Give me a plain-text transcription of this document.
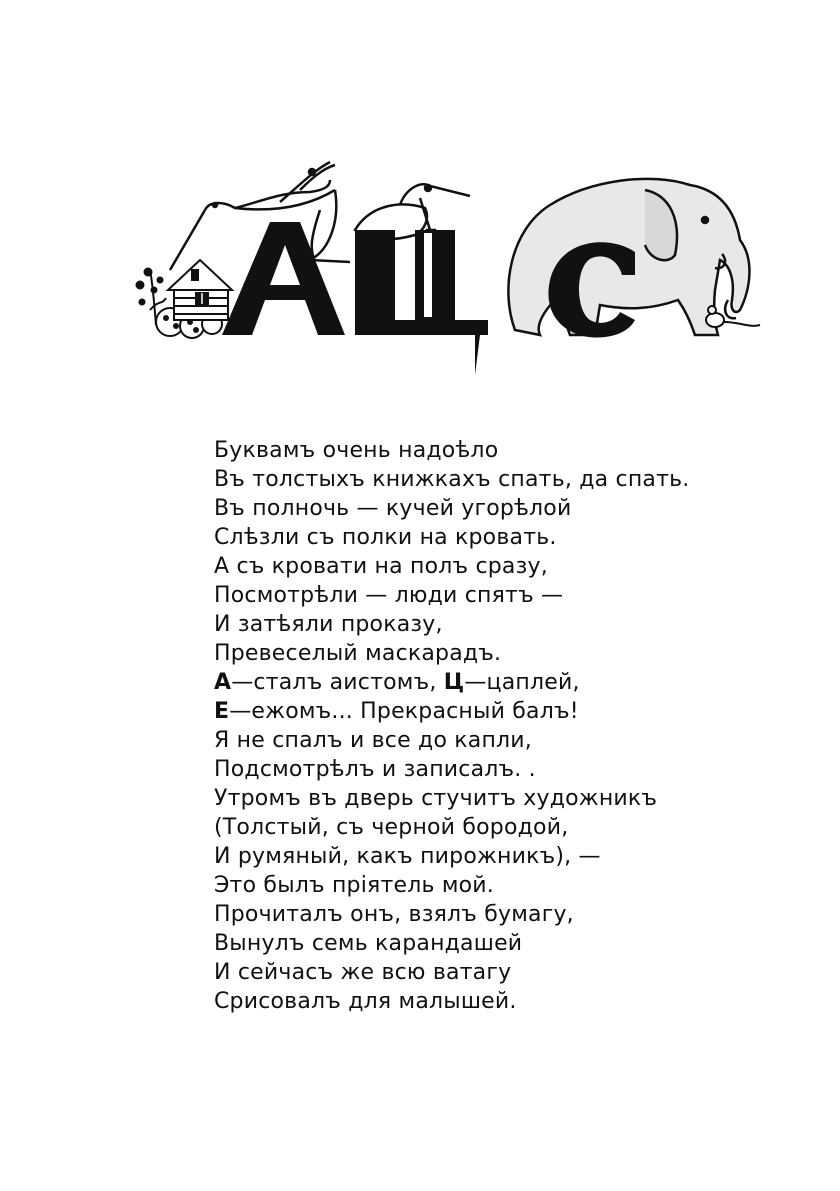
Буквамъ очень надоѣло
Въ толстыхъ книжкахъ спать, да спать.
Въ полночь — кучей угорѣлой
Слѣзли съ полки на кровать.
А съ кровати на полъ сразу,
Посмотрѣли — люди спятъ —
И затѣяли проказу,
Превеселый маскарадъ.
А—сталъ аистомъ, Ц—цаплей,
Е—ежомъ... Прекрасный балъ!
Я не спалъ и все до капли,
Подсмотрѣлъ и записалъ. .
Утромъ въ дверь стучитъ художникъ
(Толстый, съ черной бородой,
И румяный, какъ пирожникъ), —
Это былъ прiятель мой.
Прочиталъ онъ, взялъ бумагу,
Вынулъ семь карандашей
И сейчасъ же всю ватагу
Срисовалъ для малышей.
